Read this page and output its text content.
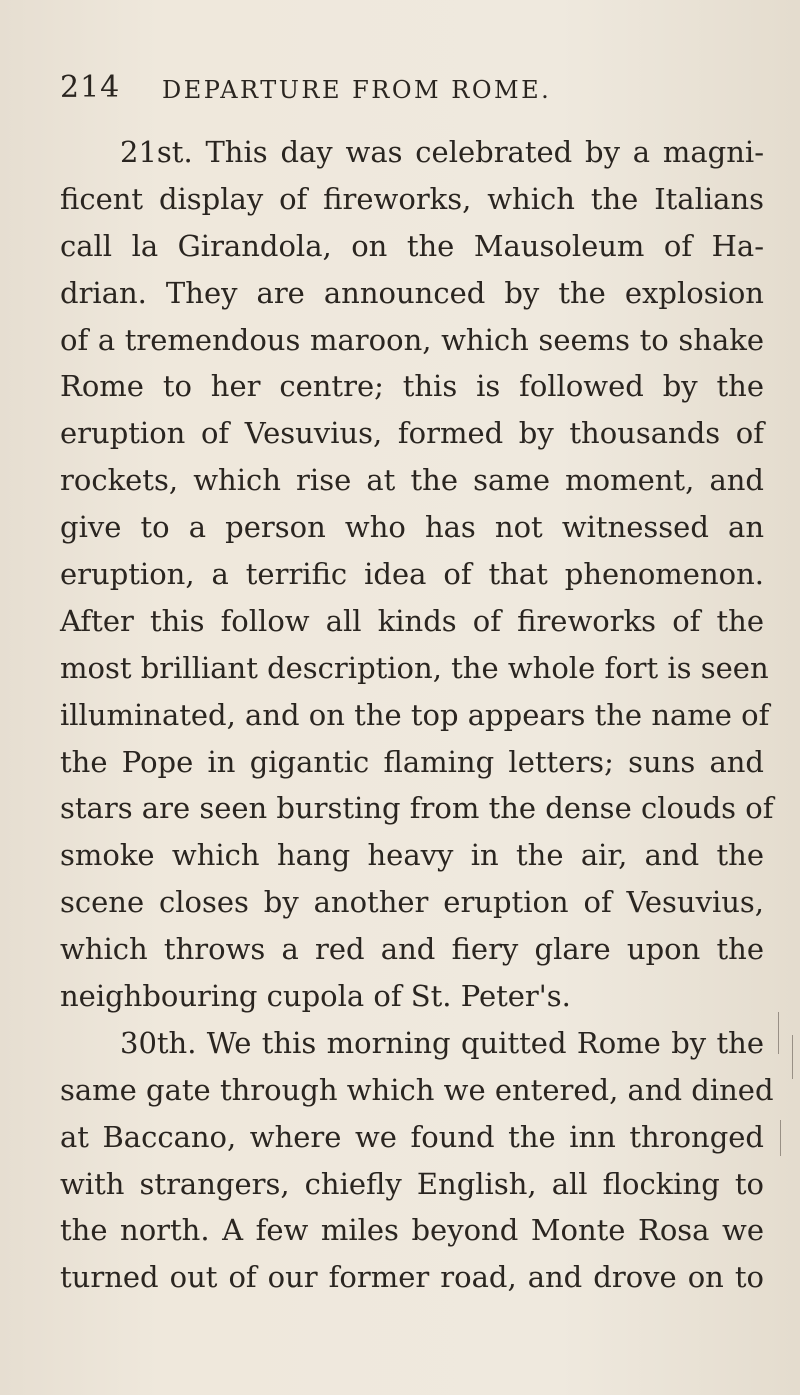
214 DEPARTURE FROM ROME.
21st. This day was celebrated by a magni-
ficent display of fireworks, which the Italians
call la Girandola, on the Mausoleum of Ha-
drian. They are announced by the explosion
of a tremendous maroon, which seems to shake
Rome to her centre; this is followed by the
eruption of Vesuvius, formed by thousands of
rockets, which rise at the same moment, and
give to a person who has not witnessed an
eruption, a terrific idea of that phenomenon.
After this follow all kinds of fireworks of the
most brilliant description, the whole fort is seen
illuminated, and on the top appears the name of
the Pope in gigantic flaming letters; suns and
stars are seen bursting from the dense clouds of
smoke which hang heavy in the air, and the
scene closes by another eruption of Vesuvius,
which throws a red and fiery glare upon the
neighbouring cupola of St. Peter's.
30th. We this morning quitted Rome by the
same gate through which we entered, and dined
at Baccano, where we found the inn thronged
with strangers, chiefly English, all flocking to
the north. A few miles beyond Monte Rosa we
turned out of our former road, and drove on to
